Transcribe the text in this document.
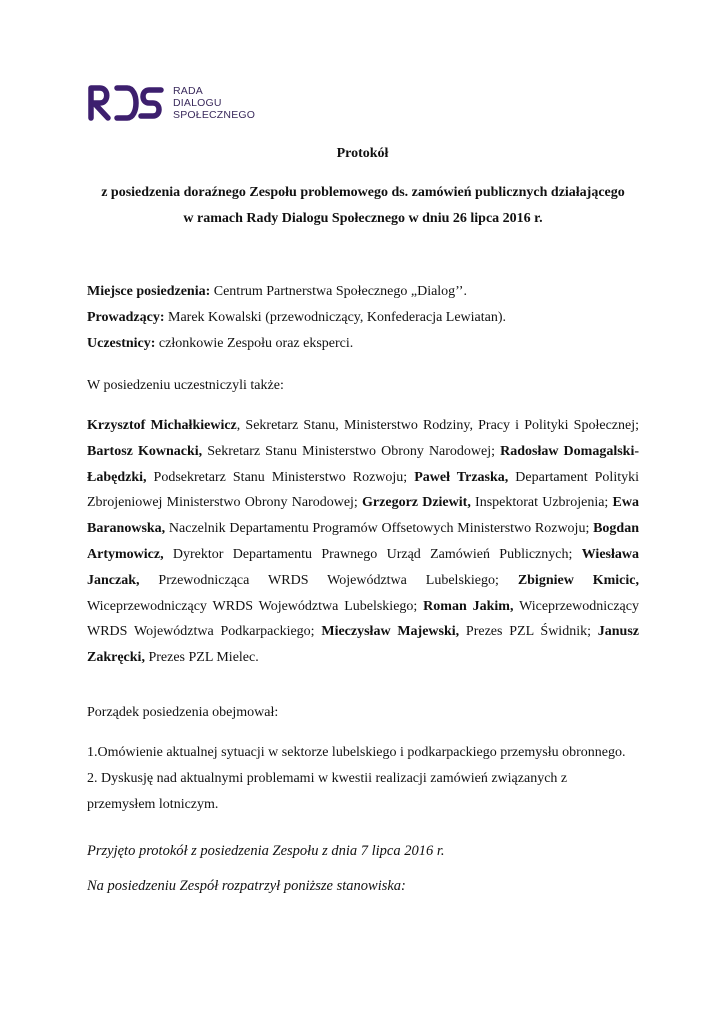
RDS
RADA
DIALOGU
SPOŁECZNEGO
Protokół
z posiedzenia doraźnego Zespołu problemowego ds. zamówień publicznych działającego
w ramach Rady Dialogu Społecznego w dniu 26 lipca 2016 r.
Miejsce posiedzenia: Centrum Partnerstwa Społecznego „Dialog’’.
Prowadzący: Marek Kowalski (przewodniczący, Konfederacja Lewiatan).
Uczestnicy: członkowie Zespołu oraz eksperci.
W posiedzeniu uczestniczyli także:
Krzysztof Michałkiewicz, Sekretarz Stanu, Ministerstwo Rodziny, Pracy i Polityki Społecznej; Bartosz Kownacki, Sekretarz Stanu Ministerstwo Obrony Narodowej; Radosław Domagalski-Łabędzki, Podsekretarz Stanu Ministerstwo Rozwoju; Paweł Trzaska, Departament Polityki Zbrojeniowej Ministerstwo Obrony Narodowej; Grzegorz Dziewit, Inspektorat Uzbrojenia; Ewa Baranowska, Naczelnik Departamentu Programów Offsetowych Ministerstwo Rozwoju; Bogdan Artymowicz, Dyrektor Departamentu Prawnego Urząd Zamówień Publicznych; Wiesława Janczak, Przewodnicząca WRDS Województwa Lubelskiego; Zbigniew Kmicic, Wiceprzewodniczący WRDS Województwa Lubelskiego; Roman Jakim, Wiceprzewodniczący WRDS Województwa Podkarpackiego; Mieczysław Majewski, Prezes PZL Świdnik; Janusz Zakręcki, Prezes PZL Mielec.
Porządek posiedzenia obejmował:
1.Omówienie aktualnej sytuacji w sektorze lubelskiego i podkarpackiego przemysłu obronnego.
2. Dyskusję nad aktualnymi problemami w kwestii realizacji zamówień związanych z przemysłem lotniczym.
Przyjęto protokół z posiedzenia Zespołu z dnia 7 lipca 2016 r.
Na posiedzeniu Zespół rozpatrzył poniższe stanowiska:
